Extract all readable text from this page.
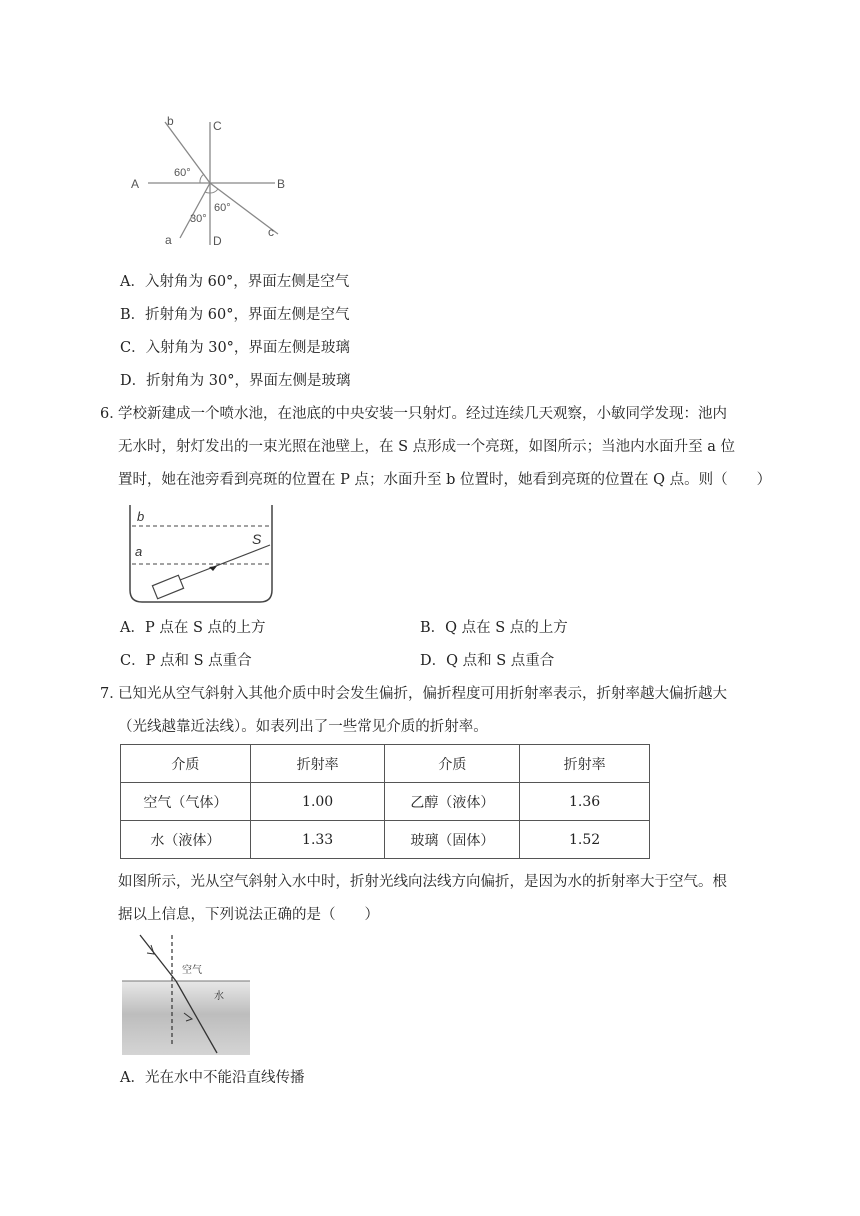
b	C
A	B
60°
60°
30°
a	D
c
A．入射角为 60°，界面左侧是空气
B．折射角为 60°，界面左侧是空气
C．入射角为 30°，界面左侧是玻璃
D．折射角为 30°，界面左侧是玻璃
6．
学校新建成一个喷水池，在池底的中央安装一只射灯。经过连续几天观察，小敏同学发现：池内
无水时，射灯发出的一束光照在池壁上，在 S 点形成一个亮斑，如图所示；当池内水面升至 a 位
置时，她在池旁看到亮斑的位置在 P 点；水面升至 b 位置时，她看到亮斑的位置在 Q 点。则（　　）
b
a
S
A．P 点在 S 点的上方	B．Q 点在 S 点的上方
C．P 点和 S 点重合	D．Q 点和 S 点重合
7．
已知光从空气斜射入其他介质中时会发生偏折，偏折程度可用折射率表示，折射率越大偏折越大
（光线越靠近法线）。如表列出了一些常见介质的折射率。
介质	折射率	介质	折射率
空气（气体）	1.00	乙醇（液体）	1.36
水（液体）	1.33	玻璃（固体）	1.52
如图所示，光从空气斜射入水中时，折射光线向法线方向偏折，是因为水的折射率大于空气。根
据以上信息，下列说法正确的是（　　）
空气
水
A．光在水中不能沿直线传播
